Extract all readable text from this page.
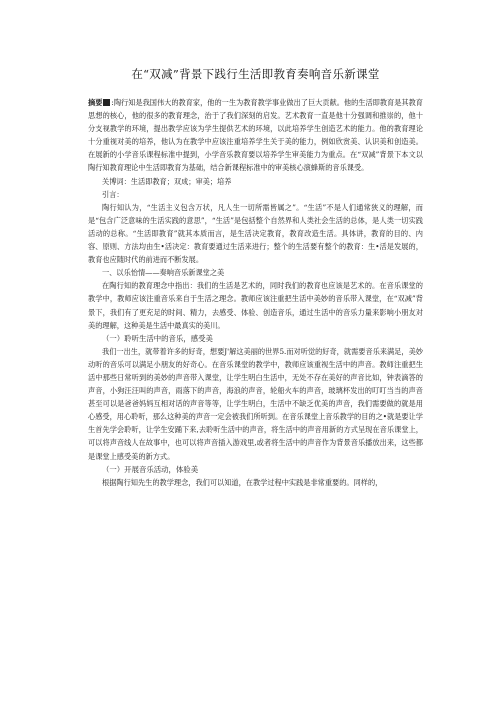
在“双减”背景下践行生活即教育奏响音乐新课堂

摘要 :陶行知是我国伟大的教育家，他的一生为教育教学事业做出了巨大贡献。他的生活即教育是其教育思想的核心，他的很多的教育理念，治于了我们深刻的启发。艺术教育一直是他十分强调和推崇的，他十分支视教学的环境，提出教学应该为学生提供艺术的环境，以此培养学生创造艺术的能力。他的教育理论十分重视对美的培养，他认为在教学中应该注重培养学生关于美的能力，例如欣赏美、认识美和创造美。在展新的小学音乐课程标准中提到，小学音乐教育要以培养学生审美能力为重点。在“双减”背景下本文以陶行知教育理论中生活即教育为基础，结合新课程标准中的审美核心演蜂斯的音乐课受。

关博词：生活即教育；双成；审美；培养

引言：

陶行知认为，“生活主义包含万状，凡人生一切所需皆属之”。“生活”不是人们通常狭义的理解，而是“包含广泛意味的生活实践的意思”，“生活”是包括整个自然界和人类社会生活的总体，是人类一切实践活动的总称。“生活即教育”就其本质而言，是生活决定教育，教育改造生活。具体讲，教育的目的、内容、原则、方法均由生•活决定：教育要通过生活来进行；整个的生活要有整个的教育：生•活是发展的，教育也应随时代的前进而不断发展。

一、以乐怡情——奏响音乐新课堂之美

在陶行知的教育理念中指出：我们的生活是艺术的，同时我们的教育也应该是艺术的。在音乐课堂的教学中，教师应该注重音乐来自于生活之理念。教师应该注重把生活中美妙的音乐带入课堂，在“双减”背景下，我们有了更充足的时间、精力，去感受、体验、创造音乐，通过生活中的音乐力量来影响小朋友对美的理解，这种美是生活中最真实的美川。

（一）聆听生活中的音乐，感受美

我们一出生，就带着许多的好奇，想要J'解这美丽的世界5.而对听觉的好奇，就需要音乐来满足，美妙动听的音乐可以满足小朋友的好奇心。在音乐课堂的教学中，教师应该重视生活中的声音。教师注重把生活中那些日常听到的美妙的声音带入课堂，让学生明白生活中，无处不存在美好的声音比如，钟表滴答的声音，小狗汪汪叫的声音，雨落下的声音，海浪的声音，轮船火车的声音，玻璃杯发出的叮叮当当的声音甚至可以是爸爸妈妈互相对话的声音等等，让学生明白，生活中不缺乏优美的声音，我们需要做的就是用心感受，用心聆听，那么这种美的声音一定会被我们所听到。在音乐课堂上音乐教学的目的之•就是要让学生首先学会聆听，让学生安踊下来,去聆听生活中的声音，将生活中的声音用新的方式呈现在音乐课堂上，可以将声音线人在故事中，也可以将声音插入游戏里,或者将生活中的声音作为背景音乐播放出来，这些都是课堂上感受美的新方式。

（一）开展音乐活动，体验美

根据陶行知先生的教学理念，我们可以知道，在教学过程中实践是非常重要的。同样的，
